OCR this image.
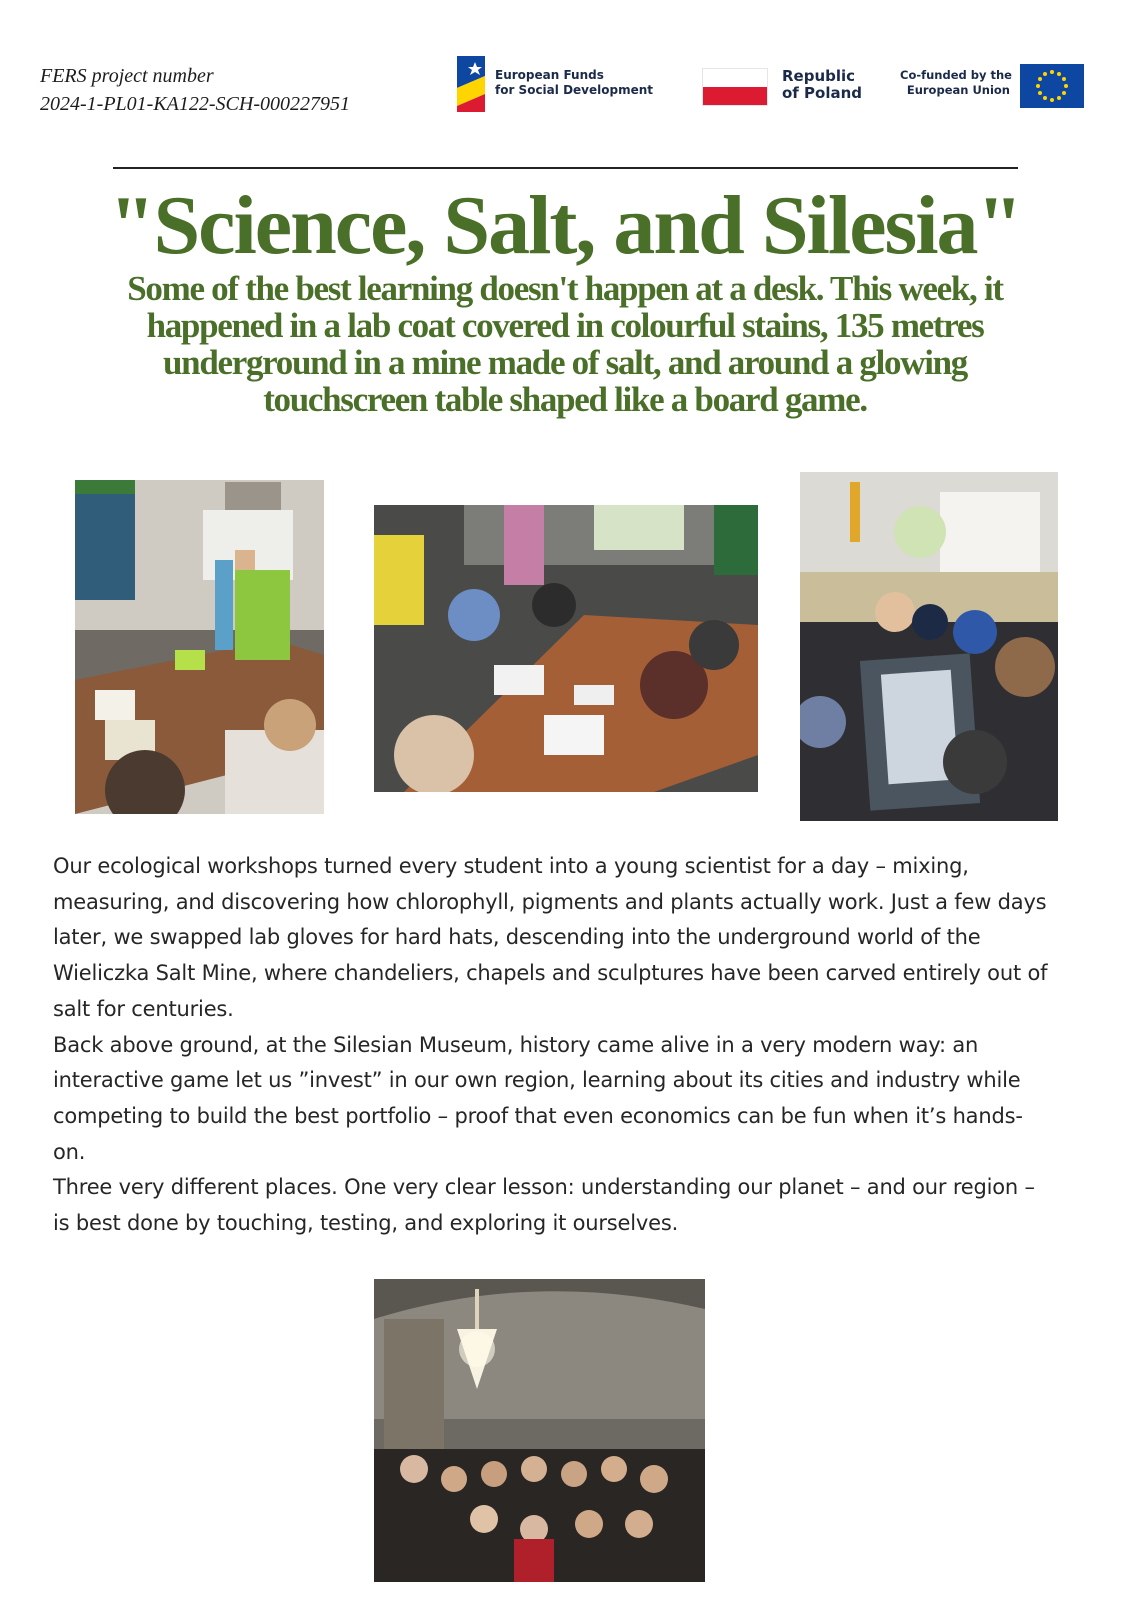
FERS project number
2024-1-PL01-KA122-SCH-000227951
European Funds
for Social Development
Republic
of Poland
Co-funded by the
European Union
"Science, Salt, and Silesia"
Some of the best learning doesn't happen at a desk. This week, it happened in a lab coat covered in colourful stains, 135 metres underground in a mine made of salt, and around a glowing touchscreen table shaped like a board game.

Our ecological workshops turned every student into a young scientist for a day – mixing, measuring, and discovering how chlorophyll, pigments and plants actually work. Just a few days later, we swapped lab gloves for hard hats, descending into the underground world of the Wieliczka Salt Mine, where chandeliers, chapels and sculptures have been carved entirely out of salt for centuries.

Back above ground, at the Silesian Museum, history came alive in a very modern way: an interactive game let us ”invest” in our own region, learning about its cities and industry while competing to build the best portfolio – proof that even economics can be fun when it’s hands-on.

Three very different places. One very clear lesson: understanding our planet – and our region – is best done by touching, testing, and exploring it ourselves.
